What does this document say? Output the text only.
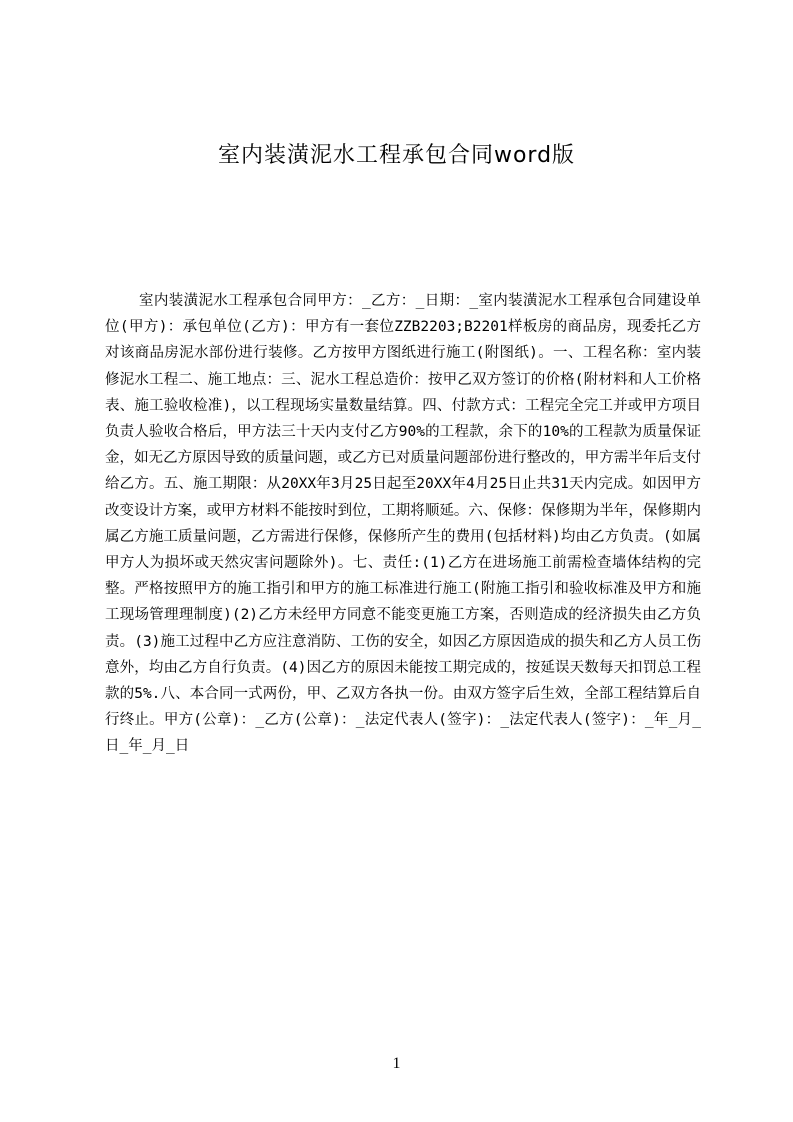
室内装潢泥水工程承包合同word版

室内装潢泥水工程承包合同甲方：_乙方：_日期：_室内装潢泥水工程承包合同建设单位(甲方)：承包单位(乙方)：甲方有一套位ZZB2203;B2201样板房的商品房，现委托乙方对该商品房泥水部份进行装修。乙方按甲方图纸进行施工(附图纸)。一、工程名称：室内装修泥水工程二、施工地点：三、泥水工程总造价：按甲乙双方签订的价格(附材料和人工价格表、施工验收检准)，以工程现场实量数量结算。四、付款方式：工程完全完工并或甲方项目负责人验收合格后，甲方法三十天内支付乙方90%的工程款，余下的10%的工程款为质量保证金，如无乙方原因导致的质量问题，或乙方已对质量问题部份进行整改的，甲方需半年后支付给乙方。五、施工期限：从20XX年3月25日起至20XX年4月25日止共31天内完成。如因甲方改变设计方案，或甲方材料不能按时到位，工期将顺延。六、保修：保修期为半年，保修期内属乙方施工质量问题，乙方需进行保修，保修所产生的费用(包括材料)均由乙方负责。(如属甲方人为损坏或天然灾害问题除外)。七、责任:(1)乙方在进场施工前需检查墙体结构的完整。严格按照甲方的施工指引和甲方的施工标准进行施工(附施工指引和验收标准及甲方和施工现场管理理制度)(2)乙方未经甲方同意不能变更施工方案，否则造成的经济损失由乙方负责。(3)施工过程中乙方应注意消防、工伤的安全，如因乙方原因造成的损失和乙方人员工伤意外，均由乙方自行负责。(4)因乙方的原因未能按工期完成的，按延误天数每天扣罚总工程款的5%.八、本合同一式两份，甲、乙双方各执一份。由双方签字后生效，全部工程结算后自行终止。甲方(公章)：_乙方(公章)：_法定代表人(签字)：_法定代表人(签字)：_年_月_日_年_月_日

1
